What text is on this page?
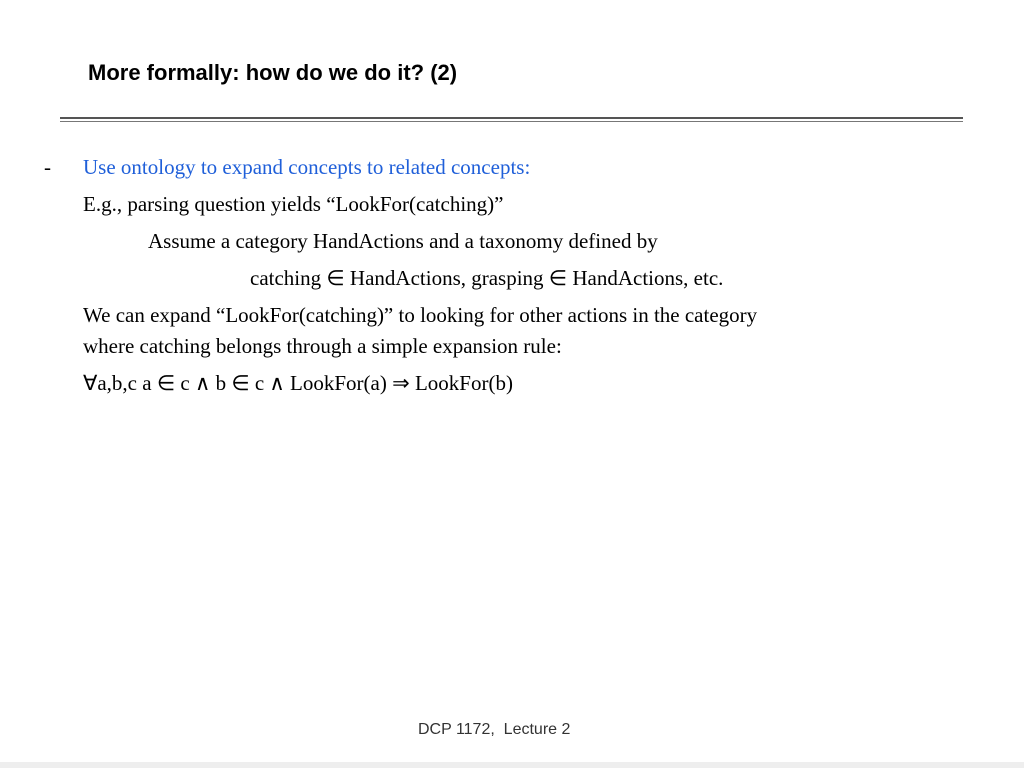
More formally: how do we do it? (2)
- Use ontology to expand concepts to related concepts:
E.g., parsing question yields “LookFor(catching)”
Assume a category HandActions and a taxonomy defined by
catching ∈ HandActions, grasping ∈ HandActions, etc.
We can expand “LookFor(catching)” to looking for other actions in the category
where catching belongs through a simple expansion rule:
∀a,b,c a ∈ c ∧ b ∈ c ∧ LookFor(a) ⇒ LookFor(b)
DCP 1172,  Lecture 2
